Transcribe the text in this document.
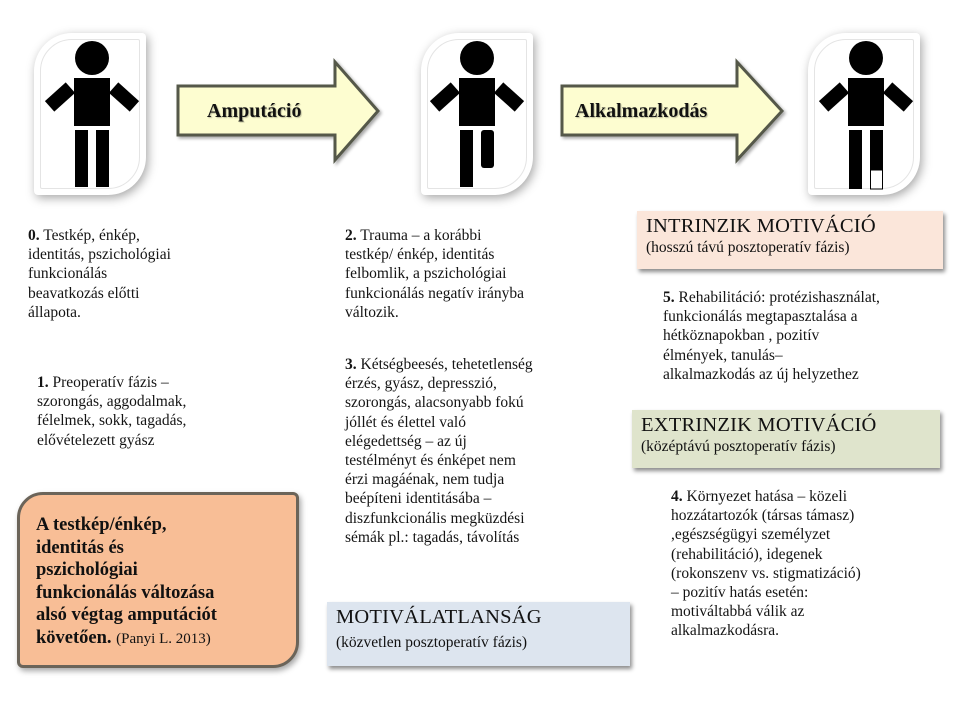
Amputáció	Alkalmazkodás
0. Testkép, énkép,
identitás, pszichológiai
funkcionálás
beavatkozás előtti
állapota.
1. Preoperatív fázis –
szorongás, aggodalmak,
félelmek, sokk, tagadás,
elővételezett gyász
A testkép/énkép,
identitás és
pszichológiai
funkcionálás változása
alsó végtag amputációt
követően. (Panyi L. 2013)
2. Trauma – a korábbi
testkép/ énkép, identitás
felbomlik, a pszichológiai
funkcionálás negatív irányba
változik.
3. Kétségbeesés, tehetetlenség
érzés, gyász, depresszió,
szorongás, alacsonyabb fokú
jóllét és élettel való
elégedettség – az új
testélményt és énképet nem
érzi magáénak, nem tudja
beépíteni identitásába –
diszfunkcionális megküzdési
sémák pl.: tagadás, távolítás
MOTIVÁLATLANSÁG
(közvetlen posztoperatív fázis)
INTRINZIK MOTIVÁCIÓ
(hosszú távú posztoperatív fázis)
5. Rehabilitáció: protézishasználat,
funkcionálás megtapasztalása a
hétköznapokban , pozitív
élmények, tanulás–
alkalmazkodás az új helyzethez
EXTRINZIK MOTIVÁCIÓ
(középtávú posztoperatív fázis)
4. Környezet hatása – közeli
hozzátartozók (társas támasz)
,egészségügyi személyzet
(rehabilitáció), idegenek
(rokonszenv vs. stigmatizáció)
– pozitív hatás esetén:
motiváltabbá válik az
alkalmazkodásra.
